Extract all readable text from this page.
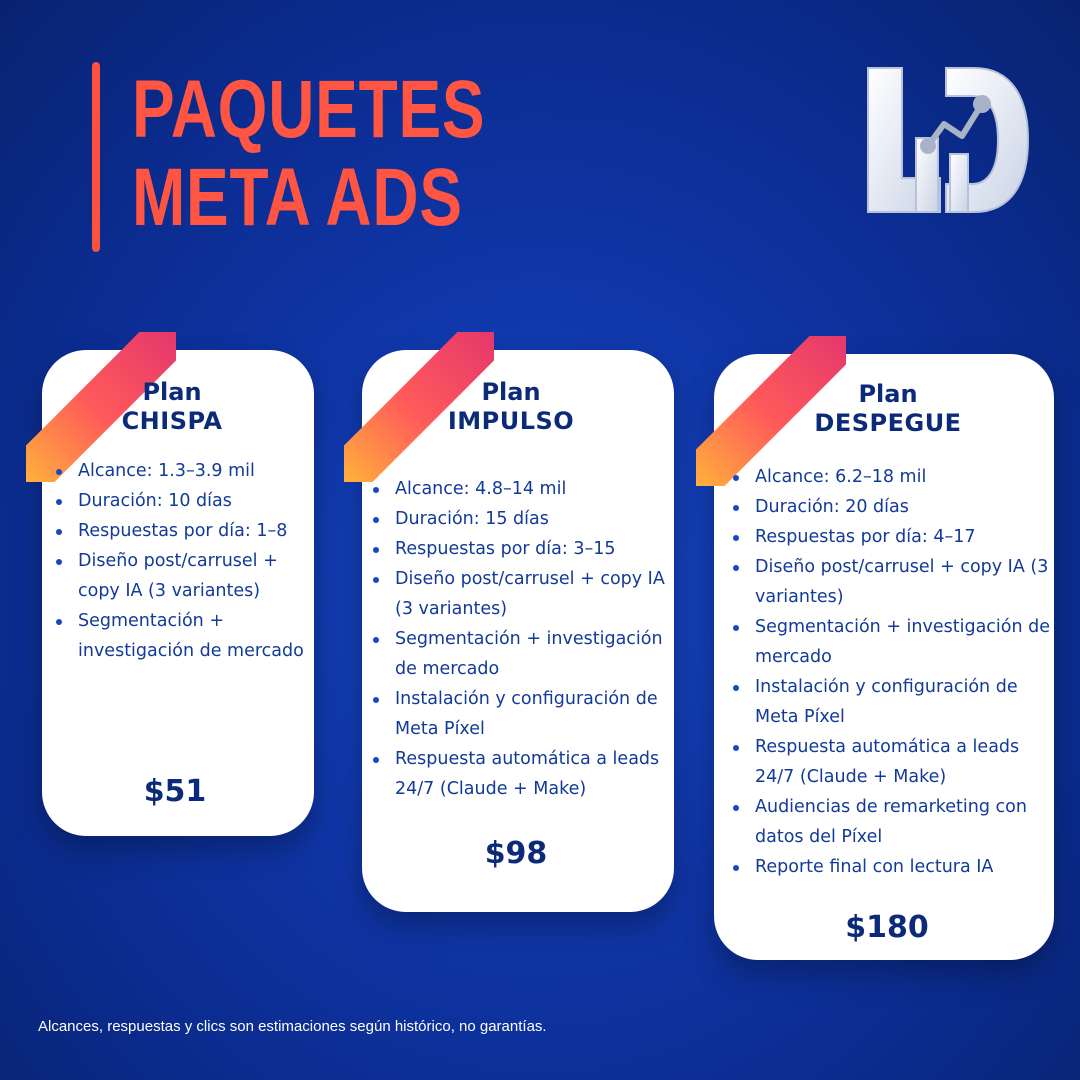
PAQUETES
META ADS
Plan
CHISPA
Alcance: 1.3–3.9 mil
Duración: 10 días
Respuestas por día: 1–8
Diseño post/carrusel + copy IA (3 variantes)
Segmentación + investigación de mercado
$51
Plan
IMPULSO
Alcance: 4.8–14 mil
Duración: 15 días
Respuestas por día: 3–15
Diseño post/carrusel + copy IA (3 variantes)
Segmentación + investigación de mercado
Instalación y configuración de Meta Píxel
Respuesta automática a leads 24/7 (Claude + Make)
$98
Plan
DESPEGUE
Alcance: 6.2–18 mil
Duración: 20 días
Respuestas por día: 4–17
Diseño post/carrusel + copy IA (3 variantes)
Segmentación + investigación de mercado
Instalación y configuración de Meta Píxel
Respuesta automática a leads 24/7 (Claude + Make)
Audiencias de remarketing con datos del Píxel
Reporte final con lectura IA
$180

Alcances, respuestas y clics son estimaciones según histórico, no garantías.
